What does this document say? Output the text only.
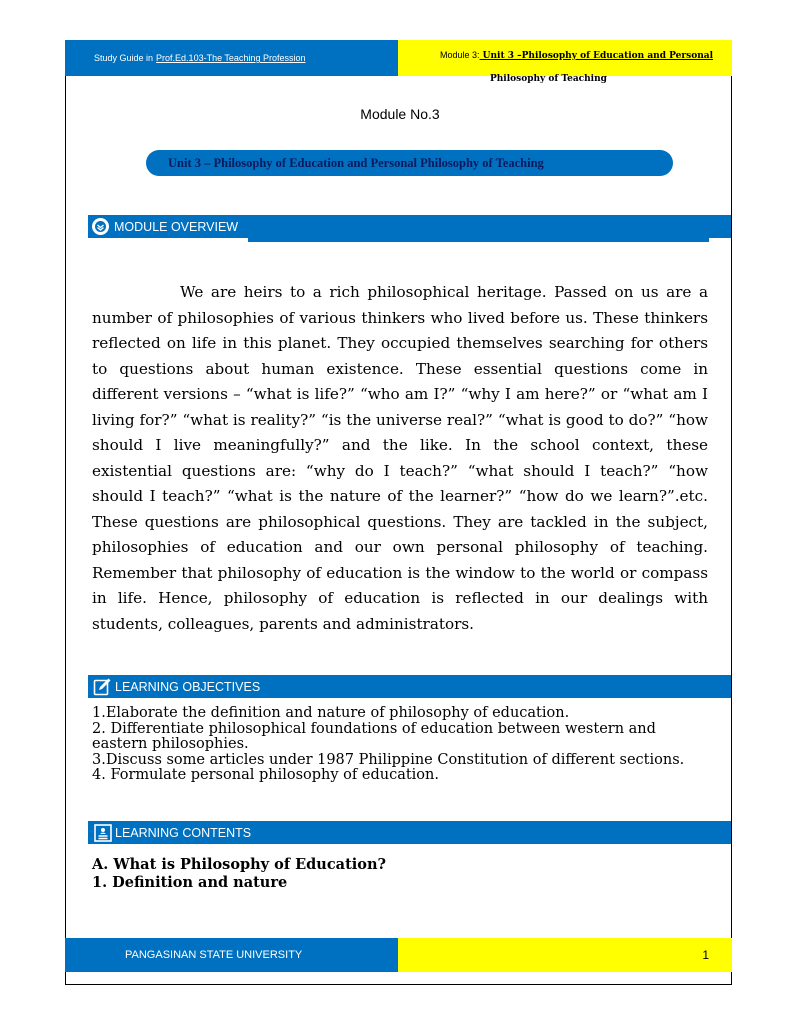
Study Guide in Prof.Ed.103-The Teaching Profession	Module 3: Unit 3 –Philosophy of Education and Personal
Philosophy of Teaching
Module No.3
Unit 3 – Philosophy of Education and Personal Philosophy of Teaching
MODULE OVERVIEW
We are heirs to a rich philosophical heritage. Passed on us are a number of philosophies of various thinkers who lived before us. These thinkers reflected on life in this planet. They occupied themselves searching for others to questions about human existence. These essential questions come in different versions – “what is life?” “who am I?” “why I am here?” or “what am I living for?” “what is reality?” “is the universe real?” “what is good to do?” “how should I live meaningfully?” and the like. In the school context, these existential questions are: “why do I teach?” “what should I teach?” “how should I teach?” “what is the nature of the learner?” “how do we learn?”.etc. These questions are philosophical questions. They are tackled in the subject, philosophies of education and our own personal philosophy of teaching. Remember that philosophy of education is the window to the world or compass in life. Hence, philosophy of education is reflected in our dealings with students, colleagues, parents and administrators.
LEARNING OBJECTIVES
1.Elaborate the definition and nature of philosophy of education.
2. Differentiate philosophical foundations of education between western and eastern philosophies.
3.Discuss some articles under 1987 Philippine Constitution of different sections.
4. Formulate personal philosophy of education.
LEARNING CONTENTS
A. What is Philosophy of Education?
1. Definition and nature
PANGASINAN STATE UNIVERSITY	1
